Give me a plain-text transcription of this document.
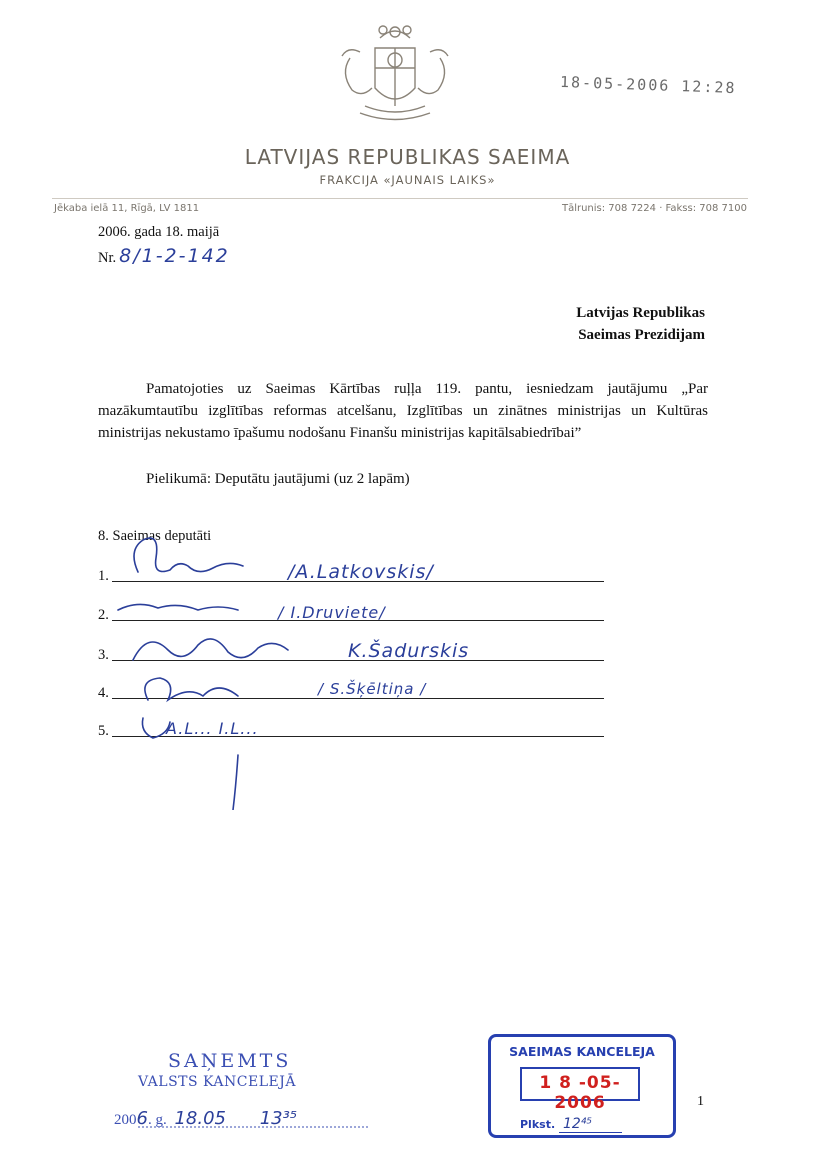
18-05-2006 12:28
LATVIJAS REPUBLIKAS SAEIMA
FRAKCIJA «JAUNAIS LAIKS»
Jēkaba ielā 11, Rīgā, LV 1811	Tālrunis: 708 7224 · Fakss: 708 7100
2006. gada 18. maijā
Nr. 8/1-2-142
Latvijas Republikas
Saeimas Prezidijam
Pamatojoties uz Saeimas Kārtības ruļļa 119. pantu, iesniedzam jautājumu „Par mazākumtautību izglītības reformas atcelšanu, Izglītības un zinātnes ministrijas un Kultūras ministrijas nekustamo īpašumu nodošanu Finanšu ministrijas kapitālsabiedrībai”
Pielikumā: Deputātu jautājumi (uz 2 lapām)
8. Saeimas deputāti
1.	/A.Latkovskis/
2.	/ I.Druviete/
3.	K.Šadurskis
4.	/ S.Šķēltiņa /
5.	A.L... I.L...
SAŅEMTS
VALSTS KANCELEJĀ
2006. g. 18.05 13³⁵
SAEIMAS KANCELEJA
1 8 -05- 2006
Plkst. 12⁴⁵
1
